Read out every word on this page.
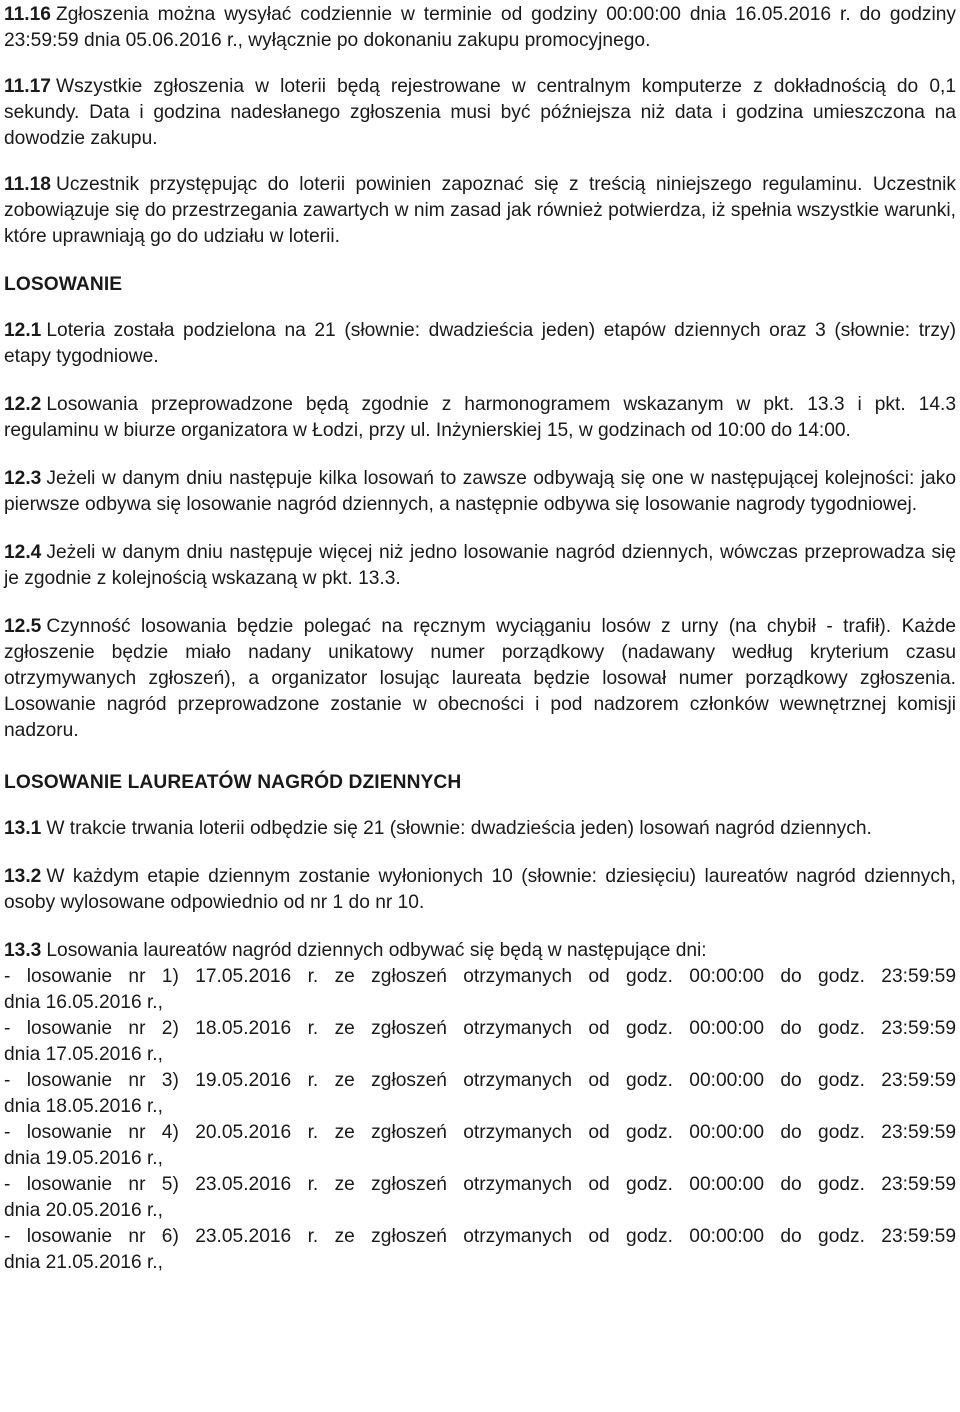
11.16 Zgłoszenia można wysyłać codziennie w terminie od godziny 00:00:00 dnia 16.05.2016 r. do godziny 23:59:59 dnia 05.06.2016 r., wyłącznie po dokonaniu zakupu promocyjnego.

11.17 Wszystkie zgłoszenia w loterii będą rejestrowane w centralnym komputerze z dokładnością do 0,1 sekundy. Data i godzina nadesłanego zgłoszenia musi być późniejsza niż data i godzina umieszczona na dowodzie zakupu.

11.18 Uczestnik przystępując do loterii powinien zapoznać się z treścią niniejszego regulaminu. Uczestnik zobowiązuje się do przestrzegania zawartych w nim zasad jak również potwierdza, iż spełnia wszystkie warunki, które uprawniają go do udziału w loterii.

LOSOWANIE

12.1 Loteria została podzielona na 21 (słownie: dwadzieścia jeden) etapów dziennych oraz 3 (słownie: trzy) etapy tygodniowe.

12.2 Losowania przeprowadzone będą zgodnie z harmonogramem wskazanym w pkt. 13.3 i pkt. 14.3 regulaminu w biurze organizatora w Łodzi, przy ul. Inżynierskiej 15, w godzinach od 10:00 do 14:00.

12.3 Jeżeli w danym dniu następuje kilka losowań to zawsze odbywają się one w następującej kolejności: jako pierwsze odbywa się losowanie nagród dziennych, a następnie odbywa się losowanie nagrody tygodniowej.

12.4 Jeżeli w danym dniu następuje więcej niż jedno losowanie nagród dziennych, wówczas przeprowadza się je zgodnie z kolejnością wskazaną w pkt. 13.3.

12.5 Czynność losowania będzie polegać na ręcznym wyciąganiu losów z urny (na chybił - trafił). Każde zgłoszenie będzie miało nadany unikatowy numer porządkowy (nadawany według kryterium czasu otrzymywanych zgłoszeń), a organizator losując laureata będzie losował numer porządkowy zgłoszenia. Losowanie nagród przeprowadzone zostanie w obecności i pod nadzorem członków wewnętrznej komisji nadzoru.

LOSOWANIE LAUREATÓW NAGRÓD DZIENNYCH

13.1 W trakcie trwania loterii odbędzie się 21 (słownie: dwadzieścia jeden) losowań nagród dziennych.

13.2 W każdym etapie dziennym zostanie wyłonionych 10 (słownie: dziesięciu) laureatów nagród dziennych, osoby wylosowane odpowiednio od nr 1 do nr 10.

13.3 Losowania laureatów nagród dziennych odbywać się będą w następujące dni:
- losowanie nr 1) 17.05.2016 r. ze zgłoszeń otrzymanych od godz. 00:00:00 do godz. 23:59:59
dnia 16.05.2016 r.,
- losowanie nr 2) 18.05.2016 r. ze zgłoszeń otrzymanych od godz. 00:00:00 do godz. 23:59:59
dnia 17.05.2016 r.,
- losowanie nr 3) 19.05.2016 r. ze zgłoszeń otrzymanych od godz. 00:00:00 do godz. 23:59:59
dnia 18.05.2016 r.,
- losowanie nr 4) 20.05.2016 r. ze zgłoszeń otrzymanych od godz. 00:00:00 do godz. 23:59:59
dnia 19.05.2016 r.,
- losowanie nr 5) 23.05.2016 r. ze zgłoszeń otrzymanych od godz. 00:00:00 do godz. 23:59:59
dnia 20.05.2016 r.,
- losowanie nr 6) 23.05.2016 r. ze zgłoszeń otrzymanych od godz. 00:00:00 do godz. 23:59:59
dnia 21.05.2016 r.,
